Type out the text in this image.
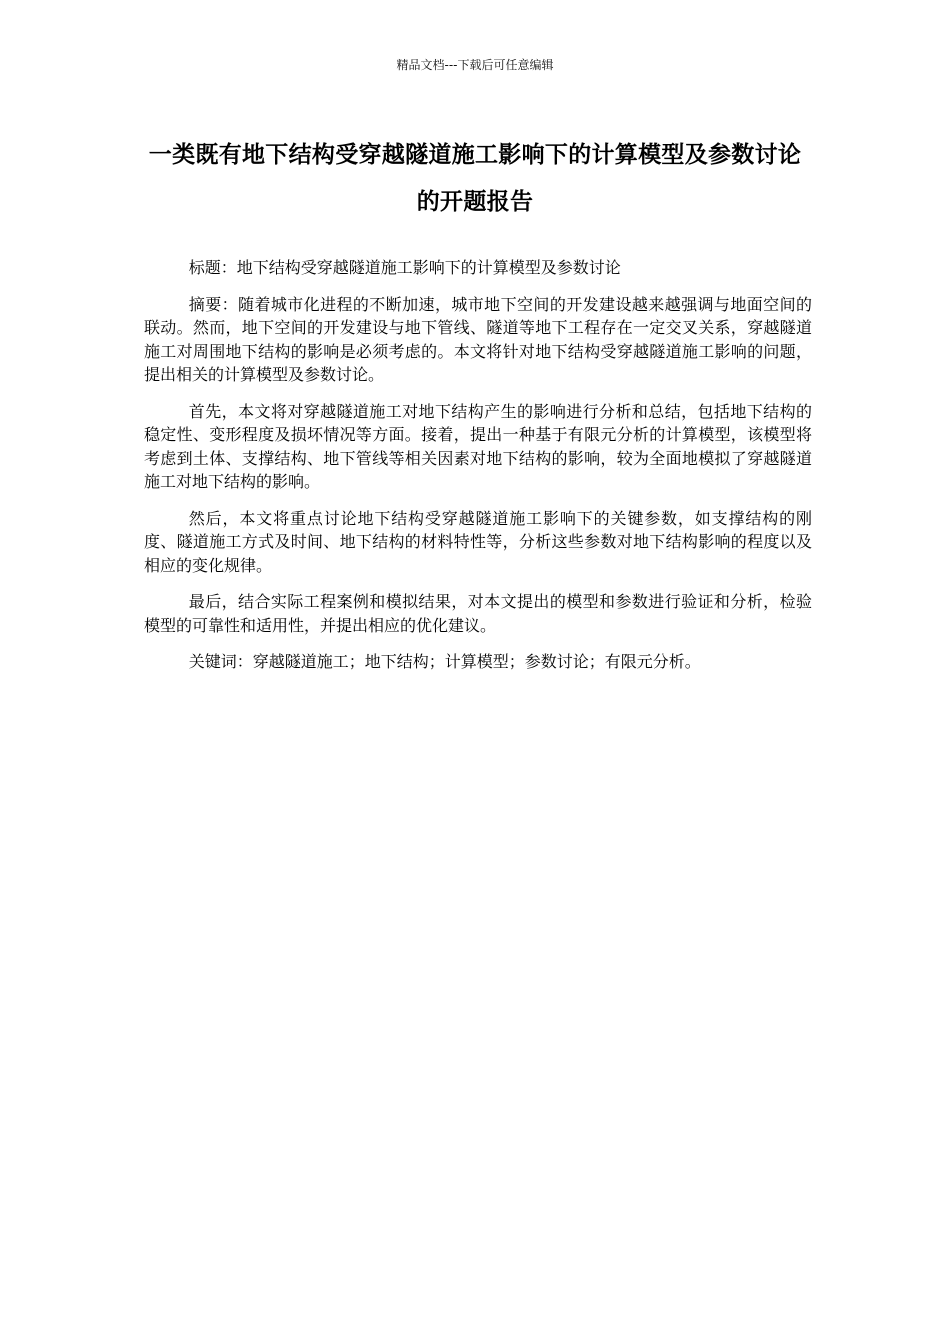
精品文档---下载后可任意编辑
一类既有地下结构受穿越隧道施工影响下的计算模型及参数讨论的开题报告

标题：地下结构受穿越隧道施工影响下的计算模型及参数讨论

摘要：随着城市化进程的不断加速，城市地下空间的开发建设越来越强调与地面空间的联动。然而，地下空间的开发建设与地下管线、隧道等地下工程存在一定交叉关系，穿越隧道施工对周围地下结构的影响是必须考虑的。本文将针对地下结构受穿越隧道施工影响的问题，提出相关的计算模型及参数讨论。

首先，本文将对穿越隧道施工对地下结构产生的影响进行分析和总结，包括地下结构的稳定性、变形程度及损坏情况等方面。接着，提出一种基于有限元分析的计算模型，该模型将考虑到土体、支撑结构、地下管线等相关因素对地下结构的影响，较为全面地模拟了穿越隧道施工对地下结构的影响。

然后，本文将重点讨论地下结构受穿越隧道施工影响下的关键参数，如支撑结构的刚度、隧道施工方式及时间、地下结构的材料特性等，分析这些参数对地下结构影响的程度以及相应的变化规律。

最后，结合实际工程案例和模拟结果，对本文提出的模型和参数进行验证和分析，检验模型的可靠性和适用性，并提出相应的优化建议。

关键词：穿越隧道施工；地下结构；计算模型；参数讨论；有限元分析。
